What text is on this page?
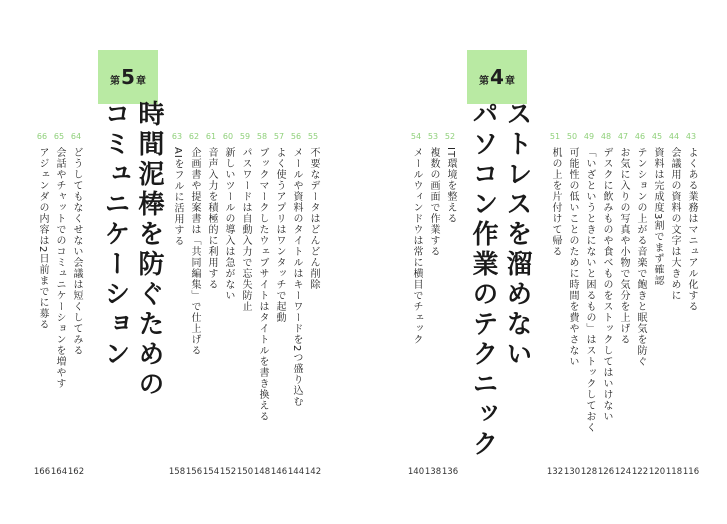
第 5 章
時間泥棒を防ぐための
コミュニケーション	55
不要なデータはどんどん削除
142
56
メールや資料のタイトルはキーワードを2つ盛り込む
144
57
よく使うアプリはワンタッチで起動
146
58
ブックマークしたウェブサイトはタイトルを書き換える
148
59
パスワードは自動入力で忘失防止
150
60
新しいツールの導入は急がない
152
61
音声入力を積極的に利用する
154
62
企画書や提案書は「共同編集」で仕上げる
156
63
AIをフルに活用する
158
64
どうしてもなくせない会議は短くしてみる
162
65
会話やチャットでのコミュニケーションを増やす
164
66
アジェンダの内容は2日前までに募る
166
第 4 章
ストレスを溜めない
パソコン作業のテクニック	43
よくある業務はマニュアル化する
116
44
会議用の資料の文字は大きめに
118
45
資料は完成度3割でまず確認
120
46
テンションの上がる音楽で飽きと眠気を防ぐ
122
47
お気に入りの写真や小物で気分を上げる
124
48
デスクに飲みものや食べものをストックしてはいけない
126
49
「いざというときにないと困るもの」はストックしておく
128
50
可能性の低いことのために時間を費やさない
130
51
机の上を片付けて帰る
132
52
IT環境を整える
136
53
複数の画面で作業する
138
54
メールウィンドウは常に横目でチェック
140
